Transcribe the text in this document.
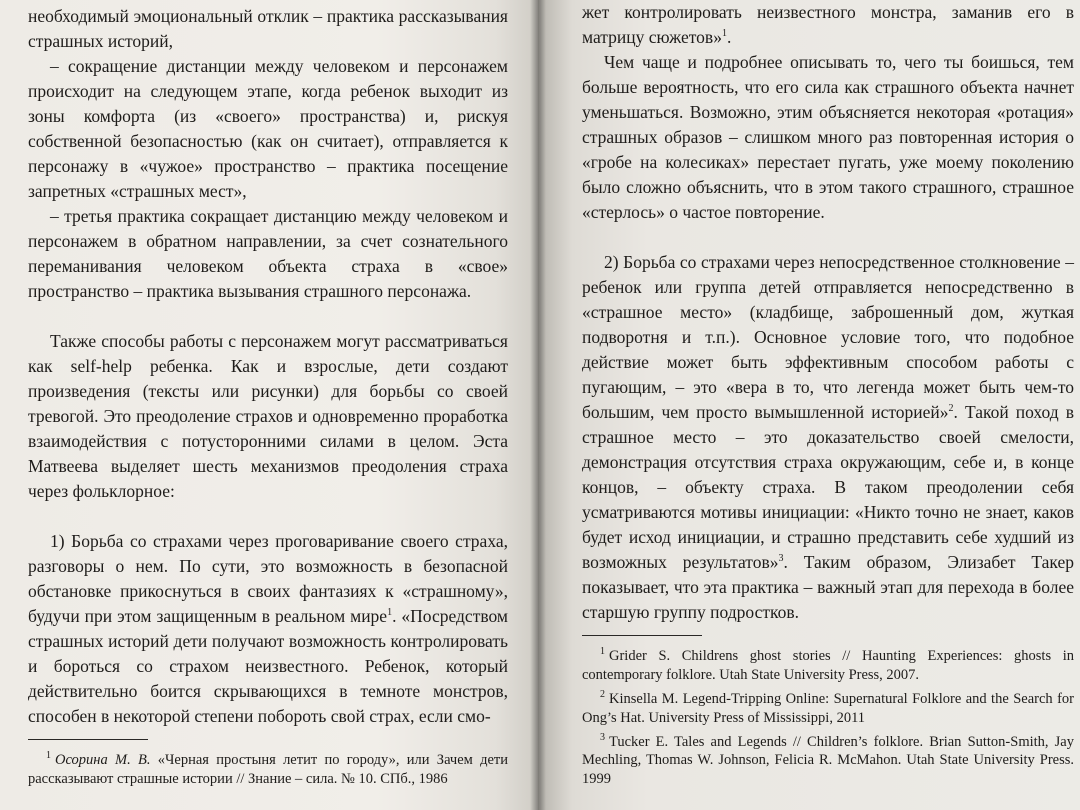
необходимый эмоциональный отклик – практика рассказывания страшных историй,

– сокращение дистанции между человеком и персонажем происходит на следующем этапе, когда ребенок выходит из зоны комфорта (из «своего» пространства) и, рискуя собственной безопасностью (как он считает), отправляется к персонажу в «чужое» пространство – практика посещение запретных «страшных мест»,

– третья практика сокращает дистанцию между человеком и персонажем в обратном направлении, за счет сознательного переманивания человеком объекта страха в «свое» пространство – практика вызывания страшного персонажа.

Также способы работы с персонажем могут рассматриваться как self-help ребенка. Как и взрослые, дети создают произведения (тексты или рисунки) для борьбы со своей тревогой. Это преодоление страхов и одновременно проработка взаимодействия с потусторонними силами в целом. Эста Матвеева выделяет шесть механизмов преодоления страха через фольклорное:

1) Борьба со страхами через проговаривание своего страха, разговоры о нем. По сути, это возможность в безопасной обстановке прикоснуться в своих фантазиях к «страшному», будучи при этом защищенным в реальном мире$^1$. «Посредством страшных историй дети получают возможность контролировать и бороться со страхом неизвестного. Ребенок, который действительно боится скрывающихся в темноте монстров, способен в некоторой степени побороть свой страх, если смо-

$^1$ Осорина М. В. «Черная простыня летит по городу», или Зачем дети рассказывают страшные истории // Знание – сила. № 10. СПб., 1986

жет контролировать неизвестного монстра, заманив его в матрицу сюжетов»$^1$.

Чем чаще и подробнее описывать то, чего ты боишься, тем больше вероятность, что его сила как страшного объекта начнет уменьшаться. Возможно, этим объясняется некоторая «ротация» страшных образов – слишком много раз повторенная история о «гробе на колесиках» перестает пугать, уже моему поколению было сложно объяснить, что в этом такого страшного, страшное «стерлось» о частое повторение.

2) Борьба со страхами через непосредственное столкновение – ребенок или группа детей отправляется непосредственно в «страшное место» (кладбище, заброшенный дом, жуткая подворотня и т.п.). Основное условие того, что подобное действие может быть эффективным способом работы с пугающим, – это «вера в то, что легенда может быть чем-то большим, чем просто вымышленной историей»$^2$. Такой поход в страшное место – это доказательство своей смелости, демонстрация отсутствия страха окружающим, себе и, в конце концов, – объекту страха. В таком преодолении себя усматриваются мотивы инициации: «Никто точно не знает, каков будет исход инициации, и страшно представить себе худший из возможных результатов»$^3$. Таким образом, Элизабет Такер показывает, что эта практика – важный этап для перехода в более старшую группу подростков.

$^1$ Grider S. Childrens ghost stories // Haunting Experiences: ghosts in contemporary folklore. Utah State University Press, 2007.

$^2$ Kinsella M. Legend-Tripping Online: Supernatural Folklore and the Search for Ong’s Hat. University Press of Mississippi, 2011

$^3$ Tucker E. Tales and Legends // Children’s folklore. Brian Sutton-Smith, Jay Mechling, Thomas W. Johnson, Felicia R. McMahon. Utah State University Press. 1999
